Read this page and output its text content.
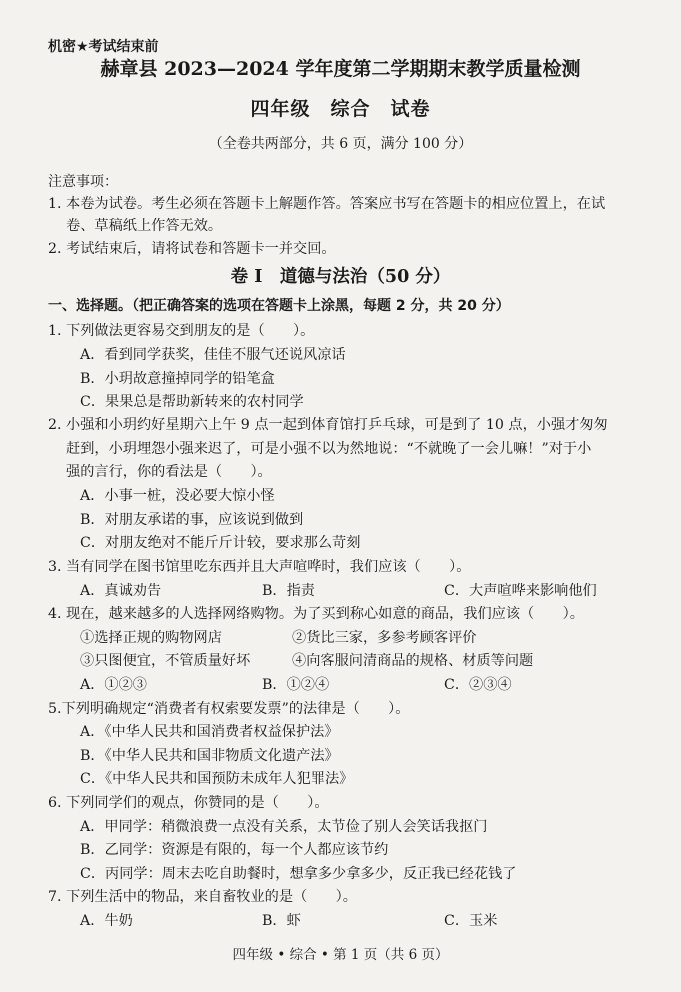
机密★考试结束前
赫章县 2023—2024 学年度第二学期期末教学质量检测
四年级　综合　试卷
（全卷共两部分，共 6 页，满分 100 分）
注意事项：
1. 本卷为试卷。考生必须在答题卡上解题作答。答案应书写在答题卡的相应位置上，在试
卷、草稿纸上作答无效。
2. 考试结束后，请将试卷和答题卡一并交回。
卷 I　道德与法治（50 分）
一、选择题。（把正确答案的选项在答题卡上涂黑，每题 2 分，共 20 分）
1. 下列做法更容易交到朋友的是（　　）。
A．看到同学获奖，佳佳不服气还说风凉话
B．小玥故意撞掉同学的铅笔盒
C．果果总是帮助新转来的农村同学
2. 小强和小玥约好星期六上午 9 点一起到体育馆打乒乓球，可是到了 10 点，小强才匆匆
赶到，小玥埋怨小强来迟了，可是小强不以为然地说：“不就晚了一会儿嘛！”对于小
强的言行，你的看法是（　　）。
A．小事一桩，没必要大惊小怪
B．对朋友承诺的事，应该说到做到
C．对朋友绝对不能斤斤计较，要求那么苛刻
3. 当有同学在图书馆里吃东西并且大声喧哗时，我们应该（　　）。
A．真诚劝告	B．指责	C．大声喧哗来影响他们
4. 现在，越来越多的人选择网络购物。为了买到称心如意的商品，我们应该（　　）。
①选择正规的购物网店	②货比三家，多参考顾客评价
③只图便宜，不管质量好坏	④向客服问清商品的规格、材质等问题
A．①②③	B．①②④	C．②③④
5.下列明确规定“消费者有权索要发票”的法律是（　　）。
A．《中华人民共和国消费者权益保护法》
B．《中华人民共和国非物质文化遗产法》
C．《中华人民共和国预防未成年人犯罪法》
6. 下列同学们的观点，你赞同的是（　　）。
A．甲同学：稍微浪费一点没有关系，太节俭了别人会笑话我抠门
B．乙同学：资源是有限的，每一个人都应该节约
C．丙同学：周末去吃自助餐时，想拿多少拿多少，反正我已经花钱了
7. 下列生活中的物品，来自畜牧业的是（　　）。
A．牛奶	B．虾	C．玉米
四年级 • 综合 • 第 1 页（共 6 页）
